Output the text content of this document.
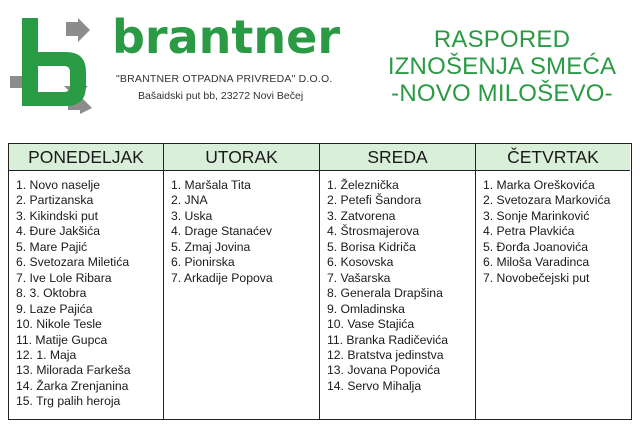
brantner
"BRANTNER OTPADNA PRIVREDA" D.O.O.
Bašaidski put bb, 23272 Novi Bečej
RASPORED
IZNOŠENJA SMEĆA
-NOVO MILOŠEVO-
PONEDELJAK
1. Novo naselje
2. Partizanska
3. Kikindski put
4. Đure Jakšića
5. Mare Pajić
6. Svetozara Miletića
7. Ive Lole Ribara
8. 3. Oktobra
9. Laze Pajića
10. Nikole Tesle
11. Matije Gupca
12. 1. Maja
13. Milorada Farkeša
14. Žarka Zrenjanina
15. Trg palih heroja
UTORAK
1. Maršala Tita
2. JNA
3. Uska
4. Drage Stanaćev
5. Zmaj Jovina
6. Pionirska
7. Arkadije Popova
SREDA
1. Železnička
2. Petefi Šandora
3. Zatvorena
4. Štrosmajerova
5. Borisa Kidriča
6. Kosovska
7. Vašarska
8. Generala Drapšina
9. Omladinska
10. Vase Stajića
11. Branka Radičevića
12. Bratstva jedinstva
13. Jovana Popovića
14. Servo Mihalja
ČETVRTAK
1. Marka Oreškovića
2. Svetozara Markovića
3. Sonje Marinković
4. Petra Plavkića
5. Đorđa Joanovića
6. Miloša Varadinca
7. Novobečejski put
